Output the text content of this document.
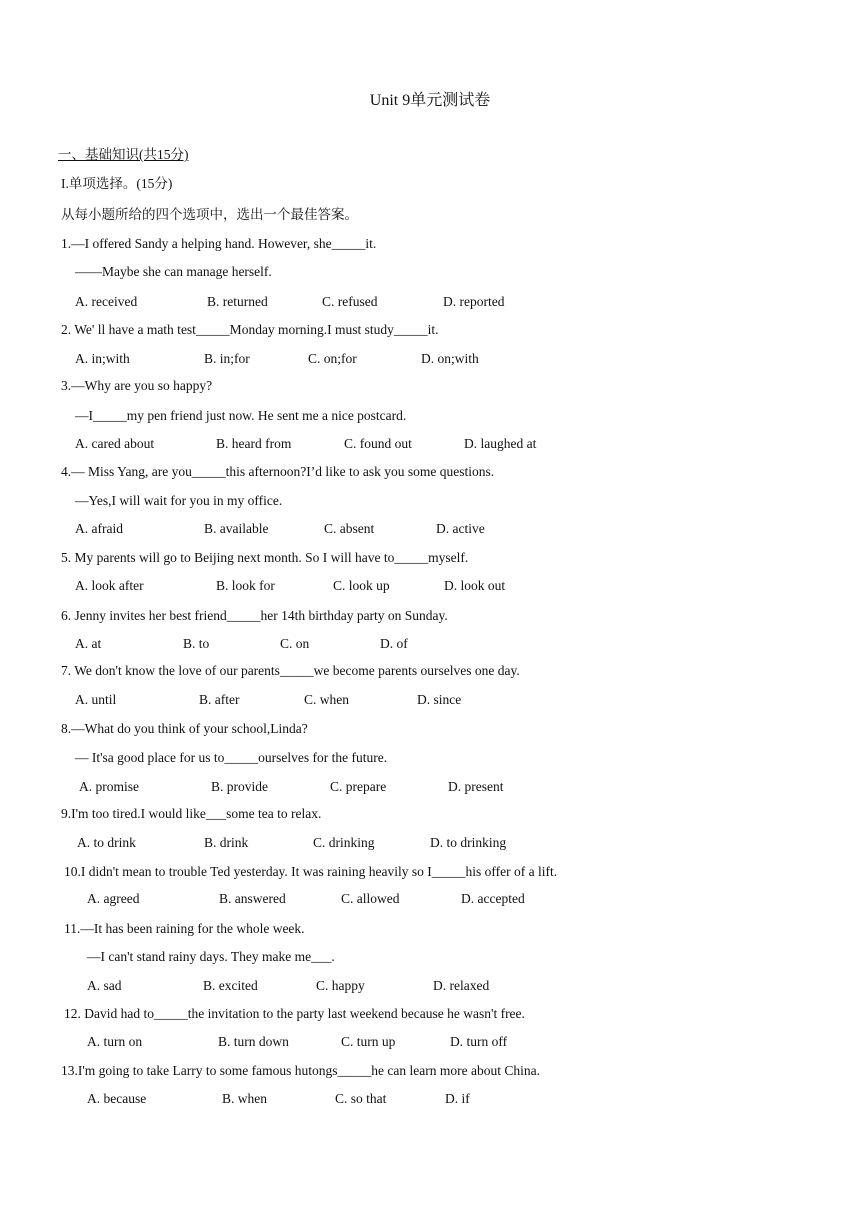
Unit 9单元测试卷
一、基础知识(共15分)
I.单项选择。(15分)
从每小题所给的四个选项中，选出一个最佳答案。
1.—I offered Sandy a helping hand. However, she_____it.
——Maybe she can manage herself.
A. received	B. returned	C. refused	D. reported
2. We' ll have a math test_____Monday morning.I must study_____it.
A. in;with	B. in;for	C. on;for	D. on;with
3.—Why are you so happy?
—I_____my pen friend just now. He sent me a nice postcard.
A. cared about	B. heard from	C. found out	D. laughed at
4.— Miss Yang, are you_____this afternoon?I’d like to ask you some questions.
—Yes,I will wait for you in my office.
A. afraid	B. available	C. absent	D. active
5. My parents will go to Beijing next month. So I will have to_____myself.
A. look after	B. look for	C. look up	D. look out
6. Jenny invites her best friend_____her 14th birthday party on Sunday.
A. at	B. to	C. on	D. of
7. We don't know the love of our parents_____we become parents ourselves one day.
A. until	B. after	C. when	D. since
8.—What do you think of your school,Linda?
— It'sa good place for us to_____ourselves for the future.
A. promise	B. provide	C. prepare	D. present
9.I'm too tired.I would like___some tea to relax.
A. to drink	B. drink	C. drinking	D. to drinking
10.I didn't mean to trouble Ted yesterday. It was raining heavily so I_____his offer of a lift.
A. agreed	B. answered	C. allowed	D. accepted
11.—It has been raining for the whole week.
—I can't stand rainy days. They make me___.
A. sad	B. excited	C. happy	D. relaxed
12. David had to_____the invitation to the party last weekend because he wasn't free.
A. turn on	B. turn down	C. turn up	D. turn off
13.I'm going to take Larry to some famous hutongs_____he can learn more about China.
A. because	B. when	C. so that	D. if
